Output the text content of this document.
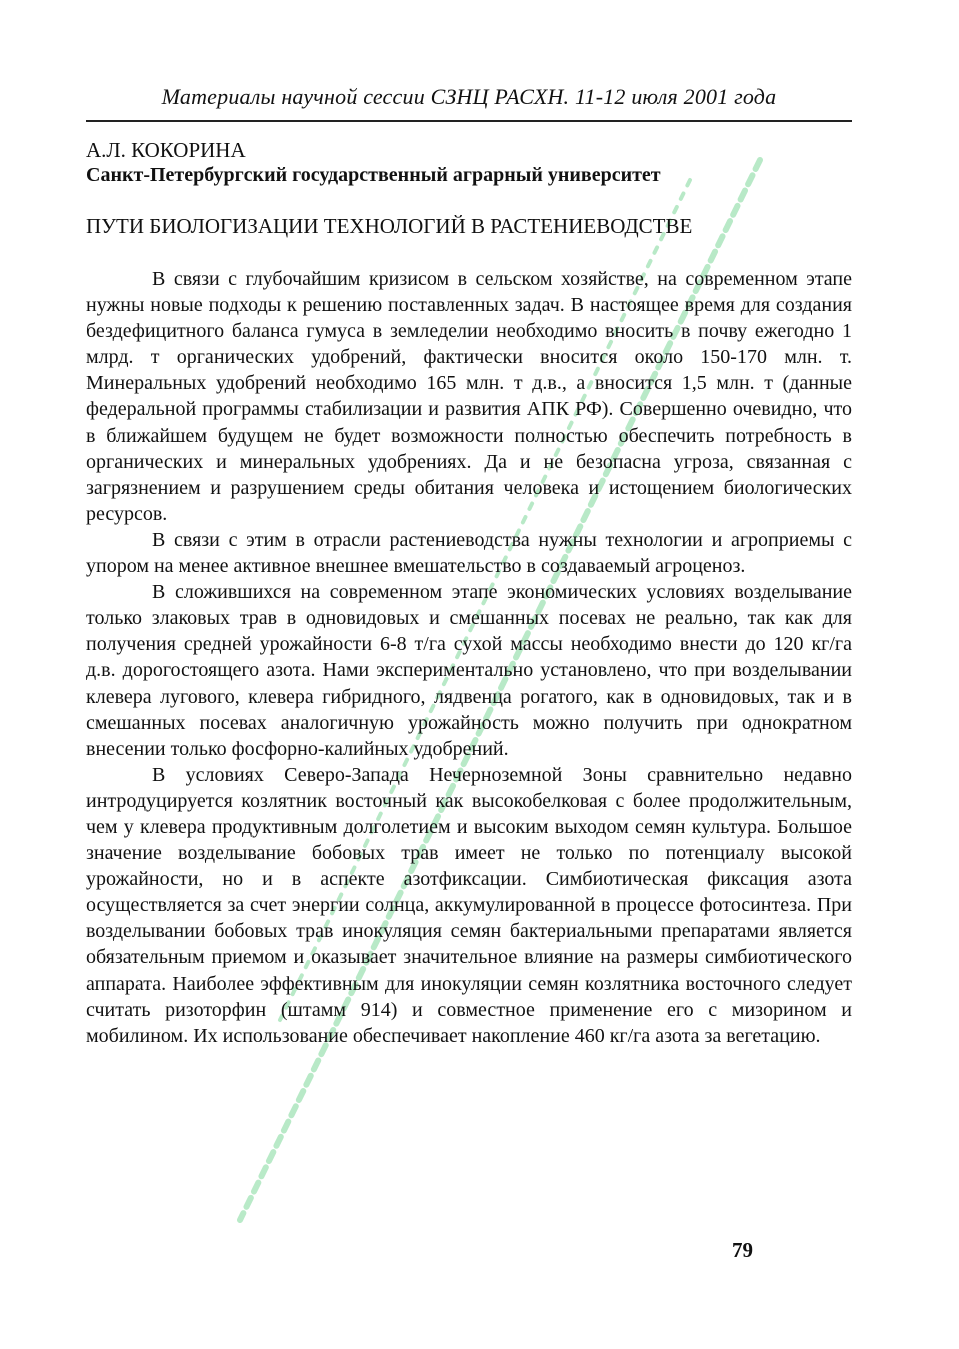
Материалы научной сессии СЗНЦ РАСХН. 11-12 июля 2001 года
А.Л. КОКОРИНА
Санкт-Петербургский государственный аграрный университет
ПУТИ БИОЛОГИЗАЦИИ ТЕХНОЛОГИЙ В РАСТЕНИЕВОДСТВЕ

В связи с глубочайшим кризисом в сельском хозяйстве, на современном этапе нужны новые подходы к решению поставленных задач. В настоящее время для создания бездефицитного баланса гумуса в земледелии необходимо вносить в почву ежегодно 1 млрд. т органических удобрений, фактически вносится около 150-170 млн. т. Минеральных удобрений необходимо 165 млн. т д.в., а вносится 1,5 млн. т (данные федеральной программы стабилизации и развития АПК РФ). Совершенно очевидно, что в ближайшем будущем не будет возможности полностью обеспечить потребность в органических и минеральных удобрениях. Да и не безопасна угроза, связанная с загрязнением и разрушением среды обитания человека и истощением биологических ресурсов.

В связи с этим в отрасли растениеводства нужны технологии и агроприемы с упором на менее активное внешнее вмешательство в создаваемый агроценоз.

В сложившихся на современном этапе экономических условиях возделывание только злаковых трав в одновидовых и смешанных посевах не реально, так как для получения средней урожайности 6-8 т/га сухой массы необходимо внести до 120 кг/га д.в. дорогостоящего азота. Нами экспериментально установлено, что при возделывании клевера лугового, клевера гибридного, лядвенца рогатого, как в одновидовых, так и в смешанных посевах аналогичную урожайность можно получить при однократном внесении только фосфорно-калийных удобрений.

В условиях Северо-Запада Нечерноземной Зоны сравнительно недавно интродуцируется козлятник восточный как высокобелковая с более продолжительным, чем у клевера продуктивным долголетием и высоким выходом семян культура. Большое значение возделывание бобовых трав имеет не только по потенциалу высокой урожайности, но и в аспекте азотфиксации. Симбиотическая фиксация азота осуществляется за счет энергии солнца, аккумулированной в процессе фотосинтеза. При возделывании бобовых трав инокуляция семян бактериальными препаратами является обязательным приемом и оказывает значительное влияние на размеры симбиотического аппарата. Наиболее эффективным для инокуляции семян козлятника восточного следует считать ризоторфин (штамм 914) и совместное применение его с мизорином и мобилином. Их использование обеспечивает накопление 460 кг/га азота за вегетацию.

79
